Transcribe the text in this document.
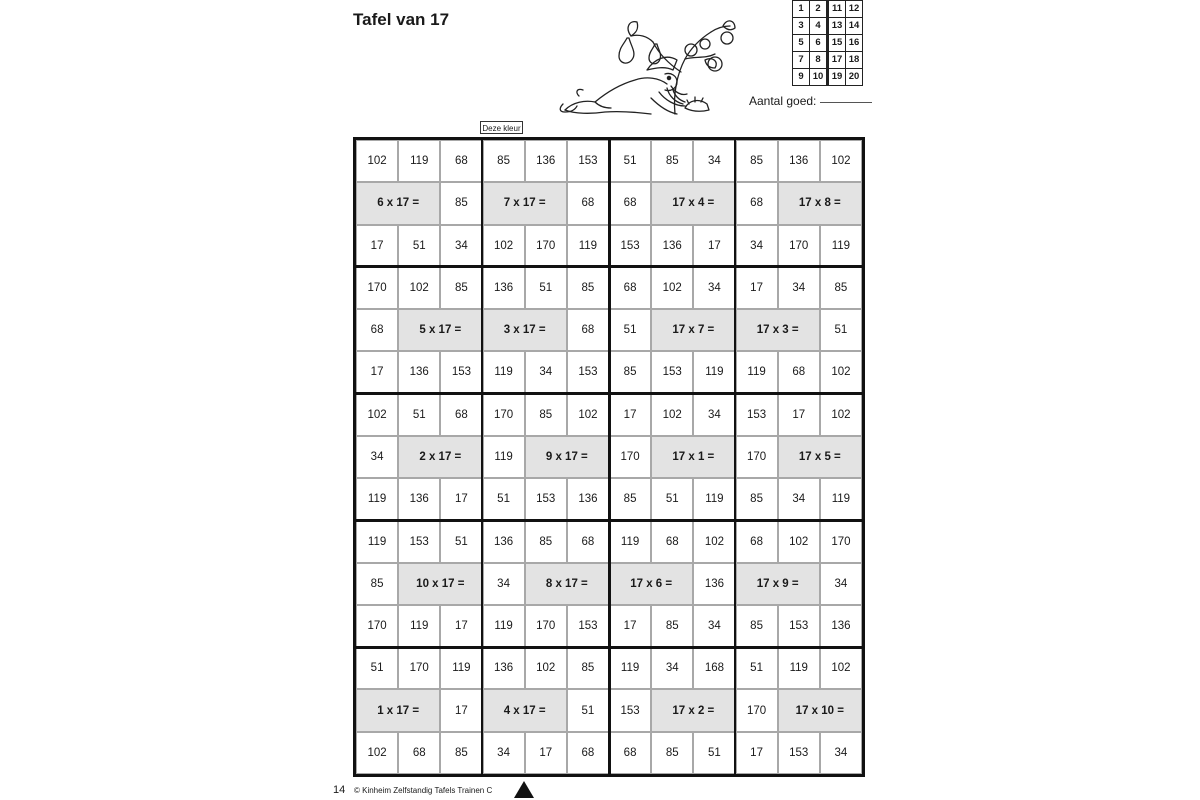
Tafel van 17
1	2	11	12
3	4	13	14
5	6	15	16
7	8	17	18
9	10	19	20
Aantal goed:
Deze kleur
102	119	68	85	136	153	51	85	34	85	136	102
6 x 17 =	85	7 x 17 =	68	68	17 x 4 =	68	17 x 8 =
17	51	34	102	170	119	153	136	17	34	170	119
170	102	85	136	51	85	68	102	34	17	34	85
68	5 x 17 =	3 x 17 =	68	51	17 x 7 =	17 x 3 =	51
17	136	153	119	34	153	85	153	119	119	68	102
102	51	68	170	85	102	17	102	34	153	17	102
34	2 x 17 =	119	9 x 17 =	170	17 x 1 =	170	17 x 5 =
119	136	17	51	153	136	85	51	119	85	34	119
119	153	51	136	85	68	119	68	102	68	102	170
85	10 x 17 =	34	8 x 17 =	17 x 6 =	136	17 x 9 =	34
170	119	17	119	170	153	17	85	34	85	153	136
51	170	119	136	102	85	119	34	168	51	119	102
1 x 17 =	17	4 x 17 =	51	153	17 x 2 =	170	17 x 10 =
102	68	85	34	17	68	68	85	51	17	153	34
14 © Kinheim Zelfstandig Tafels Trainen C
